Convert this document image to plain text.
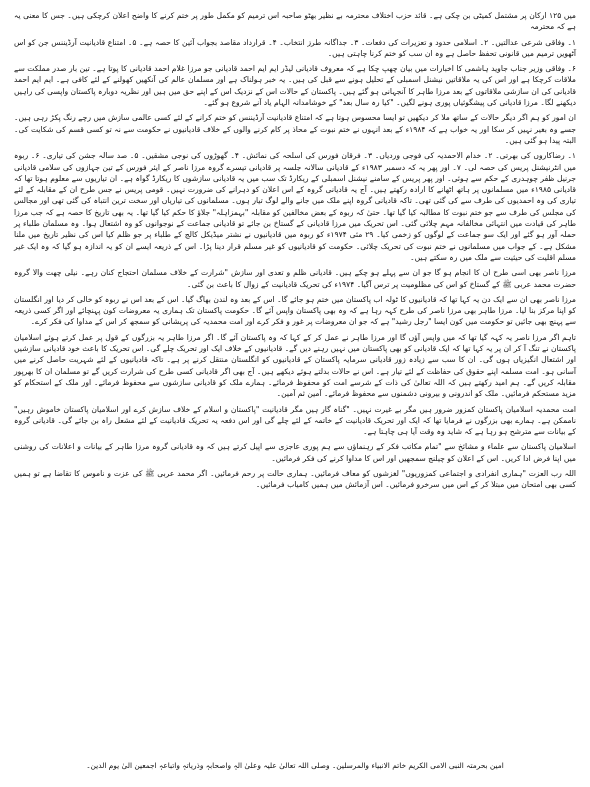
میں ۱۲۵ ارکان پر مشتمل کمیٹی بن چکی ہے۔ قائد حزب اختلاف محترمہ بے نظیر بھٹو صاحبہ اس ترمیم کو مکمل طور پر ختم کرنے کا واضح اعلان کرچکی ہیں۔ جس کا معنی یہ ہے کہ محترمہ

۱۔ وفاقی شرعی عدالتیں۔ ۲۔ اسلامی حدود و تعزیرات کی دفعات۔ ۳۔ جداگانہ طرز انتخاب۔ ۴۔ قرارداد مقاصد بجواب آئین کا حصہ ہے۔ ۵۔ امتناع قادیانیت آرڈیننس جن کو اس آٹھویں ترمیم میں قانونی تحفظ حاصل ہے وہ ان سب کو ختم کرنا چاہتی ہیں۔

۶۔ وفاقی وزیر جناب جاوید ہاشمی کا اخبارات میں بیان چھپ چکا ہے کہ معروف قادیانی لیڈر ایم ایم احمد قادیانی جو مرزا غلام احمد قادیانی کا پوتا ہے۔ تین بار صدر مملکت سے ملاقات کرچکا ہے اور اس کی یہ ملاقاتیں نیشنل اسمبلی کے تحلیل ہونے سے قبل کی ہیں۔ یہ خبر ہولناک ہے اور مسلمان عالم کی آنکھیں کھولنے کے لئے کافی ہے۔ ایم ایم احمد قادیانی کی ان سازشی ملاقاتوں کے بعد مرزا طاہر کا آنجہانی ہو گئے ہیں۔ پاکستان کے حالات اس کے نزدیک اس کے اپنے حق میں ہیں اور نظریہ دوبارہ پاکستان واپسی کی راہیں دیکھنے لگا۔ مرزا قادیانی کی پیشگوئیاں پوری ہونے لگیں۔ "کیا رہ سال بعد" کے خوشامدانہ الہام یاد آنے شروع ہو گئے۔

ان امور کو ہم اگر دیگر حالات کے ساتھ ملا کر دیکھیں تو ایسا محسوس ہوتا ہے کہ امتناع قادیانیت آرڈیننس کو ختم کرانے کے لئے کسی عالمی سازش میں رچے رنگ پکڑ رہی ہیں۔ جسے وہ بغیر نہیں کر سکا اور یہ خواب ہے کہ ۱۹۸۴ء کے بعد انہوں نے ختم نبوت کے محاذ پر کام کرنے والوں کے خلاف قادیانیوں نے حکومت سے نہ تو کسی قسم کی شکایت کی۔ البتہ پیدا ہو گئی ہیں۔

۱۔ رضاکاروں کی بھرتی۔ ۲۔ خدام الاحمدیہ کی فوجی وردیاں۔ ۳۔ فرقان فورس کی اسلحہ کی نمائش۔ ۴۔ گھوڑوں کی نوجی مشقیں۔ ۵۔ صد سالہ جشن کی تیاری۔ ۶۔ ربوہ میں انٹرنیشنل پریس کی حصہ لی۔ ۷۔ اور پھر یہ کہ دسمبر ۱۹۸۳ء کے قادیانی سالانہ جلسہ پر قادیانی تیسرے گروہ مرزا ناصر کے ایئر فورس کے تین جہازوں کی سلامی قادیانی جرنیل ظفر چوہدری کے حکم سے ہوئی۔ اور پھر پریس کے سامنے نیشنل اسمبلی کے ریکارڈ تک سب میں یہ قادیانی سازشوں کا ریکارڈ گواہ ہے۔ ان تیاریوں سے معلوم ہوتا تھا کہ قادیانی ۱۹۸۵ء میں مسلمانوں پر ہاتھ اٹھانے کا ارادہ رکھتے ہیں۔ آج یہ قادیانی گروہ کے اس اعلان کو دہرانے کی ضرورت نہیں۔ قومی پریس نے جس طرح ان کے مقابلہ کے لئے تیاری کی وہ احمدیوں کی طرف سے کی گئی تھی۔ تاکہ قادیانی گروہ اپنے ملک میں جانے والے لوگ تیار ہوں۔ مسلمانوں کی تیاریاں اور سخت ترین انتباہ کی گئی تھی اور مجالس کی مجلس کی طرف سے جو ختم نبوت کا مطالبہ کیا گیا تھا۔ حتیٰ کہ ربوہ کے بعض مخالفین کو مقابلہ "بہمزاہلہ" جلاؤ کا حکم کیا گیا تھا۔ یہ بھی تاریخ کا حصہ ہے کہ جب مرزا طاہر کی قیادت میں انتہائی مخالفانہ مہم چلائی گئی۔ اس تحریک میں مرزا قادیانی کے گستاخ بن جائے تو قادیانی جماعت کے نوجوانوں کو وہ اشتعال ہوا۔ وہ مسلمان طلباء پر حملہ آور ہو گئے اور ایک سو جماعت کے لوگوں کو زخمی کیا۔ ۲۹ مئی ۱۹۷۴ء کو ربوہ میں قادیانیوں نے نشتر میڈیکل کالج کے طلباء پر جو ظلم کیا اس کی نظیر تاریخ میں ملنا مشکل ہے۔ کے جواب میں مسلمانوں نے ختم نبوت کی تحریک چلائی۔ حکومت کو قادیانیوں کو غیر مسلم قرار دینا پڑا۔ اس کے ذریعہ ایسے ان کو یہ اندازہ ہو گیا کہ وہ ایک غیر مسلم اقلیت کی حیثیت سے ملک میں رہ سکتے ہیں۔

مرزا ناصر بھی اسی طرح ان کا انجام ہو گا جو ان سے پہلے ہو چکے ہیں۔ قادیانی ظلم و تعدی اور سازش "شرارت کے خلاف مسلمان احتجاج کنان رہے۔ نیلی چھت والا گروہ حضرت محمد عربی ﷺ کے گستاخ کو اس کی مظلومیت پر ترس آگیا۔ ۱۹۷۴ء کی تحریک قادیانیت کے زوال کا باعث بن گئی۔

مرزا ناصر بھی ان سے ایک دن یہ کہا تھا کہ قادیانیوں کا ٹولہ اب پاکستان میں ختم ہو جائے گا۔ اس کے بعد وہ لندن بھاگ گیا۔ اس کے بعد اس نے ربوہ کو خالی کر دیا اور انگلستان کو اپنا مرکز بنا لیا۔ مرزا طاہر بھی مرزا ناصر کی طرح کہہ رہا ہے کہ وہ بھی پاکستان واپس آئے گا۔ حکومت پاکستان تک ہماری یہ معروضات کون پہنچائے اور اگر کسی ذریعہ سے پہنچ بھی جائیں تو حکومت میں کون ایسا "رجل رشید" ہے کہ جو ان معروضات پر غور و فکر کرے اور امت محمدیہ کی پریشانی کو سمجھ کر اس کے مداوا کی فکر کرے۔

تاہم اگر مرزا ناصر یہ کہہ گیا تھا کہ میں واپس آؤں گا اور مرزا طاہر نے عمل کر کے کہا کہ وہ پاکستان آئے گا۔ اگر مرزا طاہر یہ بزرگوں کے قول پر عمل کرتے ہوئے اسلامیان پاکستان نے تنگ آ کر ان پر یہ کہا تھا کہ ایک قادیانی کو بھی پاکستان میں نہیں رہنے دیں گے۔ قادیانیوں کے خلاف ایک اور تحریک چلے گی۔ اس تحریک کا باعث خود قادیانی سازشیں اور اشتعال انگیزیاں ہوں گی۔ ان کا سب سے زیادہ زور قادیانی سرمایہ پاکستان کے قادیانیوں کو انگلستان منتقل کرنے پر ہے۔ تاکہ قادیانیوں کے لئے شہریت حاصل کرنے میں آسانی ہو۔ امت مسلمہ اپنے حقوق کی حفاظت کے لئے تیار ہے۔ اس نے حالات بدلتے ہوئے دیکھے ہیں۔ آج بھی اگر قادیانی کسی طرح کی شرارت کریں گے تو مسلمان ان کا بھرپور مقابلہ کریں گے۔ ہم امید رکھتے ہیں کہ اللہ تعالیٰ کی ذات کے شرسے امت کو محفوظ فرمائے۔ ہمارے ملک کو قادیانی سازشوں سے محفوظ فرمائے۔ اور ملک کے استحکام کو مزید مستحکم فرمائیں۔ ملک کو اندرونی و بیرونی دشمنوں سے محفوظ فرمائے۔ آمین ثم آمین۔

امت محمدیہ اسلامیان پاکستان کمزور ضرور ہیں مگر بے غیرت نہیں۔ "گناہ گار ہیں مگر قادیانیت "پاکستان و اسلام کے خلاف سازش کرے اور اسلامیان پاکستان خاموش رہیں" ناممکن ہے۔ ہمارے بھی بزرگوں نے فرمایا تھا کہ ایک اور تحریک قادیانیت کے خاتمہ کے لئے چلے گی اور اس دفعہ یہ تحریک قادیانیت کے لئے مشعل راہ بن جائے گی۔ قادیانی گروہ کے بیانات سے مترشح ہو رہا ہے کہ شاید وہ وقت آیا ہی چاہتا ہے۔

اسلامیان پاکستان سے علماء و مشائخ سے "تمام مکاتب فکر کے رہنماؤں سے ہم پوری عاجزی سے اپیل کرتے ہیں کہ وہ قادیانی گروہ مرزا طاہر کے بیانات و اعلانات کی روشنی میں اپنا فرض ادا کریں۔ اس کے اعلان کو چیلنج سمجھیں اور اس کا مداوا کرنے کی فکر فرمائیں۔

اللہ رب العزت "ہماری انفرادی و اجتماعی کمزوریوں" لغزشوں کو معاف فرمائیں۔ ہماری حالت پر رحم فرمائیں۔ اگر محمد عربی ﷺ کی عزت و ناموس کا تقاضا ہے تو ہمیں کسی بھی امتحان میں مبتلا کر کے اس میں سرخرو فرمائیں۔ اس آزمائش میں ہمیں کامیاب فرمائیں۔

امین بحرمتہ النبی الامی الکریم خاتم الانبیاء والمرسلین۔ وصلی اللہ تعالیٰ علیہ وعلیٰ الہٖ واصحابہٖ وذریاتہٖ واتباعہٖ اجمعین الیٰ یوم الدین۔
